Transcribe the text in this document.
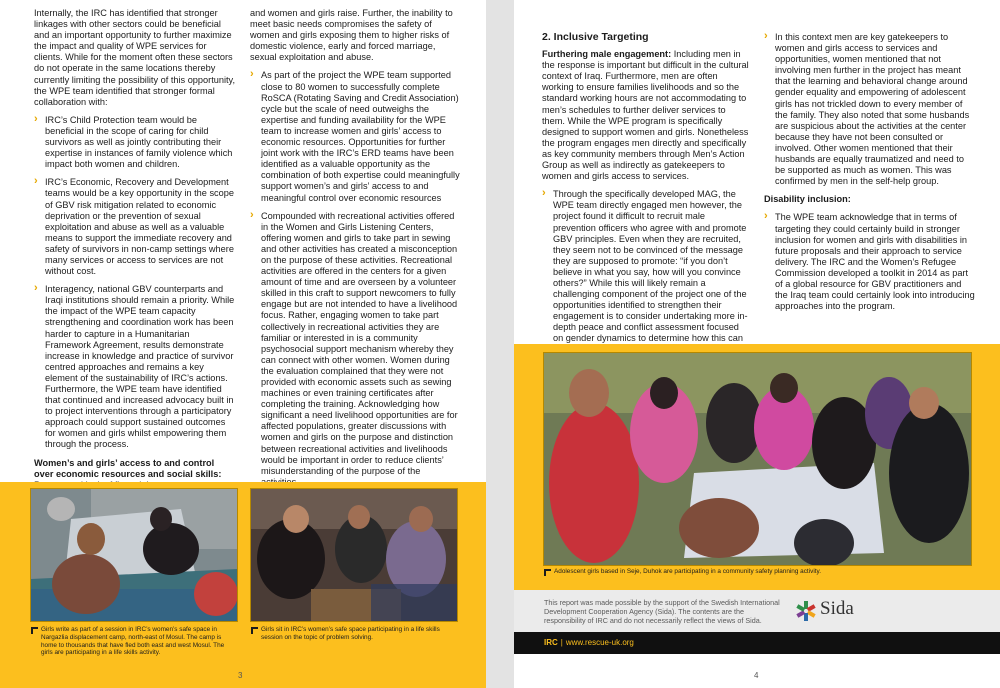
Internally, the IRC has identified that stronger linkages with other sectors could be beneficial and an important opportunity to further maximize the impact and quality of WPE services for clients. While for the moment often these sectors do not operate in the same locations thereby currently limiting the possibility of this opportunity, the WPE team identified that stronger formal collaboration with:

› IRC’s Child Protection team would be beneficial in the scope of caring for child survivors as well as jointly contributing their expertise in instances of family violence which impact both women and children.
› IRC’s Economic, Recovery and Development teams would be a key opportunity in the scope of GBV risk mitigation related to economic deprivation or the prevention of sexual exploitation and abuse as well as a valuable means to support the immediate recovery and safety of survivors in non-camp settings where many services or access to services are not without cost.
› Interagency, national GBV counterparts and Iraqi institutions should remain a priority. While the impact of the WPE team capacity strengthening and coordination work has been harder to capture in a Humanitarian Framework Agreement, results demonstrate increase in knowledge and practice of survivor centred approaches and remains a key element of the sustainability of IRC’s actions. Furthermore, the WPE team have identified that continued and increased advocacy built in to project interventions through a participatory approach could support sustained outcomes for women and girls whilst empowering them through the process.

Women’s and girls’ access to and control over economic resources and social skills:

and women and girls raise. Further, the inability to meet basic needs compromises the safety of women and girls exposing them to higher risks of domestic violence, early and forced marriage, sexual exploitation and abuse.

› As part of the project the WPE team supported close to 80 women to successfully complete RoSCA (Rotating Saving and Credit Association) cycle but the scale of need outweighs the expertise and funding availability for the WPE team to increase women and girls’ access to economic resources. Opportunities for further joint work with the IRC’s ERD teams have been identified as a valuable opportunity as the combination of both expertise could meaningfully support women’s and girls’ access to and meaningful control over economic resources
› Compounded with recreational activities offered in the Women and Girls Listening Centers, offering women and girls to take part in sewing and other activities has created a misconception on the purpose of these activities. Recreational activities are offered in the centers for a given amount of time and are overseen by a volunteer skilled in this craft to support newcomers to fully engage but are not intended to have a livelihood focus. Rather, engaging women to take part collectively in recreational activities they are familiar or interested in is a community psychosocial support mechanism whereby they can connect with other women. Women during the evaluation complained that they were not provided with economic assets such as sewing machines or even training certificates after completing the training. Acknowledging how significant a need livelihood opportunities are for affected populations, greater discussions with women and girls on the purpose and distinction between recreational activities and livelihoods would be important in order to reduce clients’ misunderstanding of the purpose of the
Girls write as part of a session in IRC’s women’s safe space in Nargazlia displacement camp, north-east of Mosul. The camp is home to thousands that have fled both east and west Mosul. The girls are participating in a life skills activity.
Girls sit in IRC’s women’s safe space participating in a life skills session on the topic of problem solving.
3
2. Inclusive Targeting

Furthering male engagement: Including men in the response is important but difficult in the cultural context of Iraq. Furthermore, men are often working to ensure families livelihoods and so the standard working hours are not accommodating to men’s schedules to further deliver services to them. While the WPE program is specifically designed to support women and girls. Nonetheless the program engages men directly and specifically as key community members through Men’s Action Group as well as indirectly as gatekeepers to women and girls access to services.

› Through the specifically developed MAG, the WPE team directly engaged men however, the project found it difficult to recruit male prevention officers who agree with and promote GBV principles. Even when they are recruited, they seem not to be convinced of the message they are supposed to promote: “if you don’t believe in what you say, how will you convince others?” While this will likely remain a challenging component of the project one of the opportunities identified to strengthen their engagement is to consider undertaking more in-depth peace and conflict assessment focused on gender dynamics to determine how this can
› In this context men are key gatekeepers to women and girls access to services and opportunities, women mentioned that not involving men further in the project has meant that the learning and behavioral change around gender equality and empowering of adolescent girls has not trickled down to every member of the family. They also noted that some husbands are suspicious about the activities at the center because they have not been consulted or involved. Other women mentioned that their husbands are equally traumatized and need to be supported as much as women. This was confirmed by men in the self-help group.

Disability inclusion:

› The WPE team acknowledge that in terms of targeting they could certainly build in stronger inclusion for women and girls with disabilities in future proposals and their approach to service delivery. The IRC and the Women’s Refugee Commission developed a toolkit in 2014 as part of a global resource for GBV practitioners and the Iraq team could certainly look into introducing approaches into the program.
Adolescent girls based in Seje, Duhok are participating in a community safety planning activity.
This report was made possible by the support of the Swedish International Development Cooperation Agency (Sida). The contents are the responsibility of IRC and do not necessarily reflect the views of Sida.
Sida
IRC | www.rescue-uk.org
4
